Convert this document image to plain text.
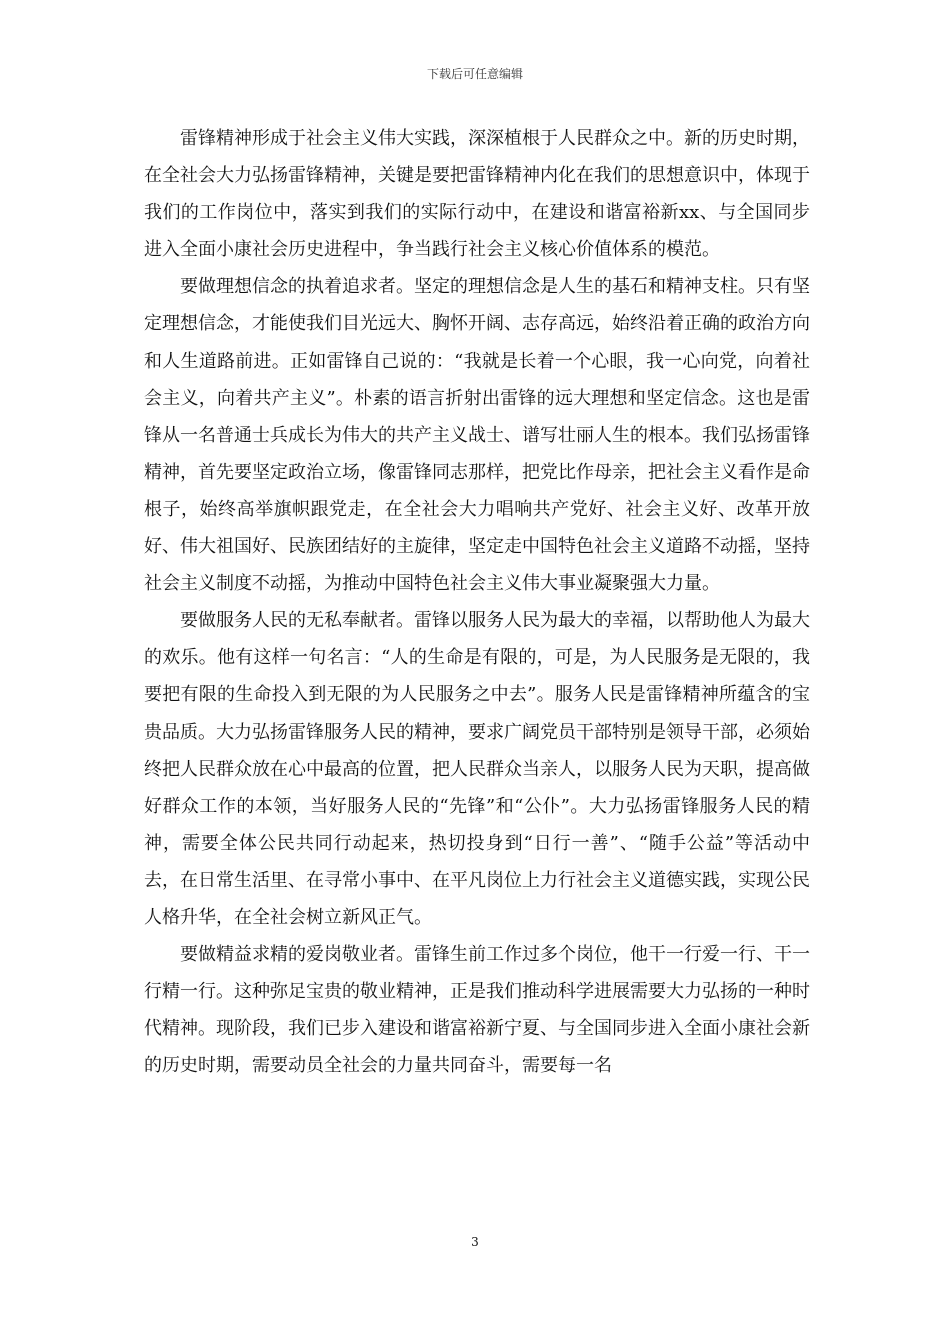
下载后可任意编辑

雷锋精神形成于社会主义伟大实践，深深植根于人民群众之中。新的历史时期，在全社会大力弘扬雷锋精神，关键是要把雷锋精神内化在我们的思想意识中，体现于我们的工作岗位中，落实到我们的实际行动中，在建设和谐富裕新xx、与全国同步进入全面小康社会历史进程中，争当践行社会主义核心价值体系的模范。

要做理想信念的执着追求者。坚定的理想信念是人生的基石和精神支柱。只有坚定理想信念，才能使我们目光远大、胸怀开阔、志存高远，始终沿着正确的政治方向和人生道路前进。正如雷锋自己说的：“我就是长着一个心眼，我一心向党，向着社会主义，向着共产主义”。朴素的语言折射出雷锋的远大理想和坚定信念。这也是雷锋从一名普通士兵成长为伟大的共产主义战士、谱写壮丽人生的根本。我们弘扬雷锋精神，首先要坚定政治立场，像雷锋同志那样，把党比作母亲，把社会主义看作是命根子，始终高举旗帜跟党走，在全社会大力唱响共产党好、社会主义好、改革开放好、伟大祖国好、民族团结好的主旋律，坚定走中国特色社会主义道路不动摇，坚持社会主义制度不动摇，为推动中国特色社会主义伟大事业凝聚强大力量。

要做服务人民的无私奉献者。雷锋以服务人民为最大的幸福，以帮助他人为最大的欢乐。他有这样一句名言：“人的生命是有限的，可是，为人民服务是无限的，我要把有限的生命投入到无限的为人民服务之中去”。服务人民是雷锋精神所蕴含的宝贵品质。大力弘扬雷锋服务人民的精神，要求广阔党员干部特别是领导干部，必须始终把人民群众放在心中最高的位置，把人民群众当亲人，以服务人民为天职，提高做好群众工作的本领，当好服务人民的“先锋”和“公仆”。大力弘扬雷锋服务人民的精神，需要全体公民共同行动起来，热切投身到“日行一善”、“随手公益”等活动中去，在日常生活里、在寻常小事中、在平凡岗位上力行社会主义道德实践，实现公民人格升华，在全社会树立新风正气。

要做精益求精的爱岗敬业者。雷锋生前工作过多个岗位，他干一行爱一行、干一行精一行。这种弥足宝贵的敬业精神，正是我们推动科学进展需要大力弘扬的一种时代精神。现阶段，我们已步入建设和谐富裕新宁夏、与全国同步进入全面小康社会新的历史时期，需要动员全社会的力量共同奋斗，需要每一名

3
